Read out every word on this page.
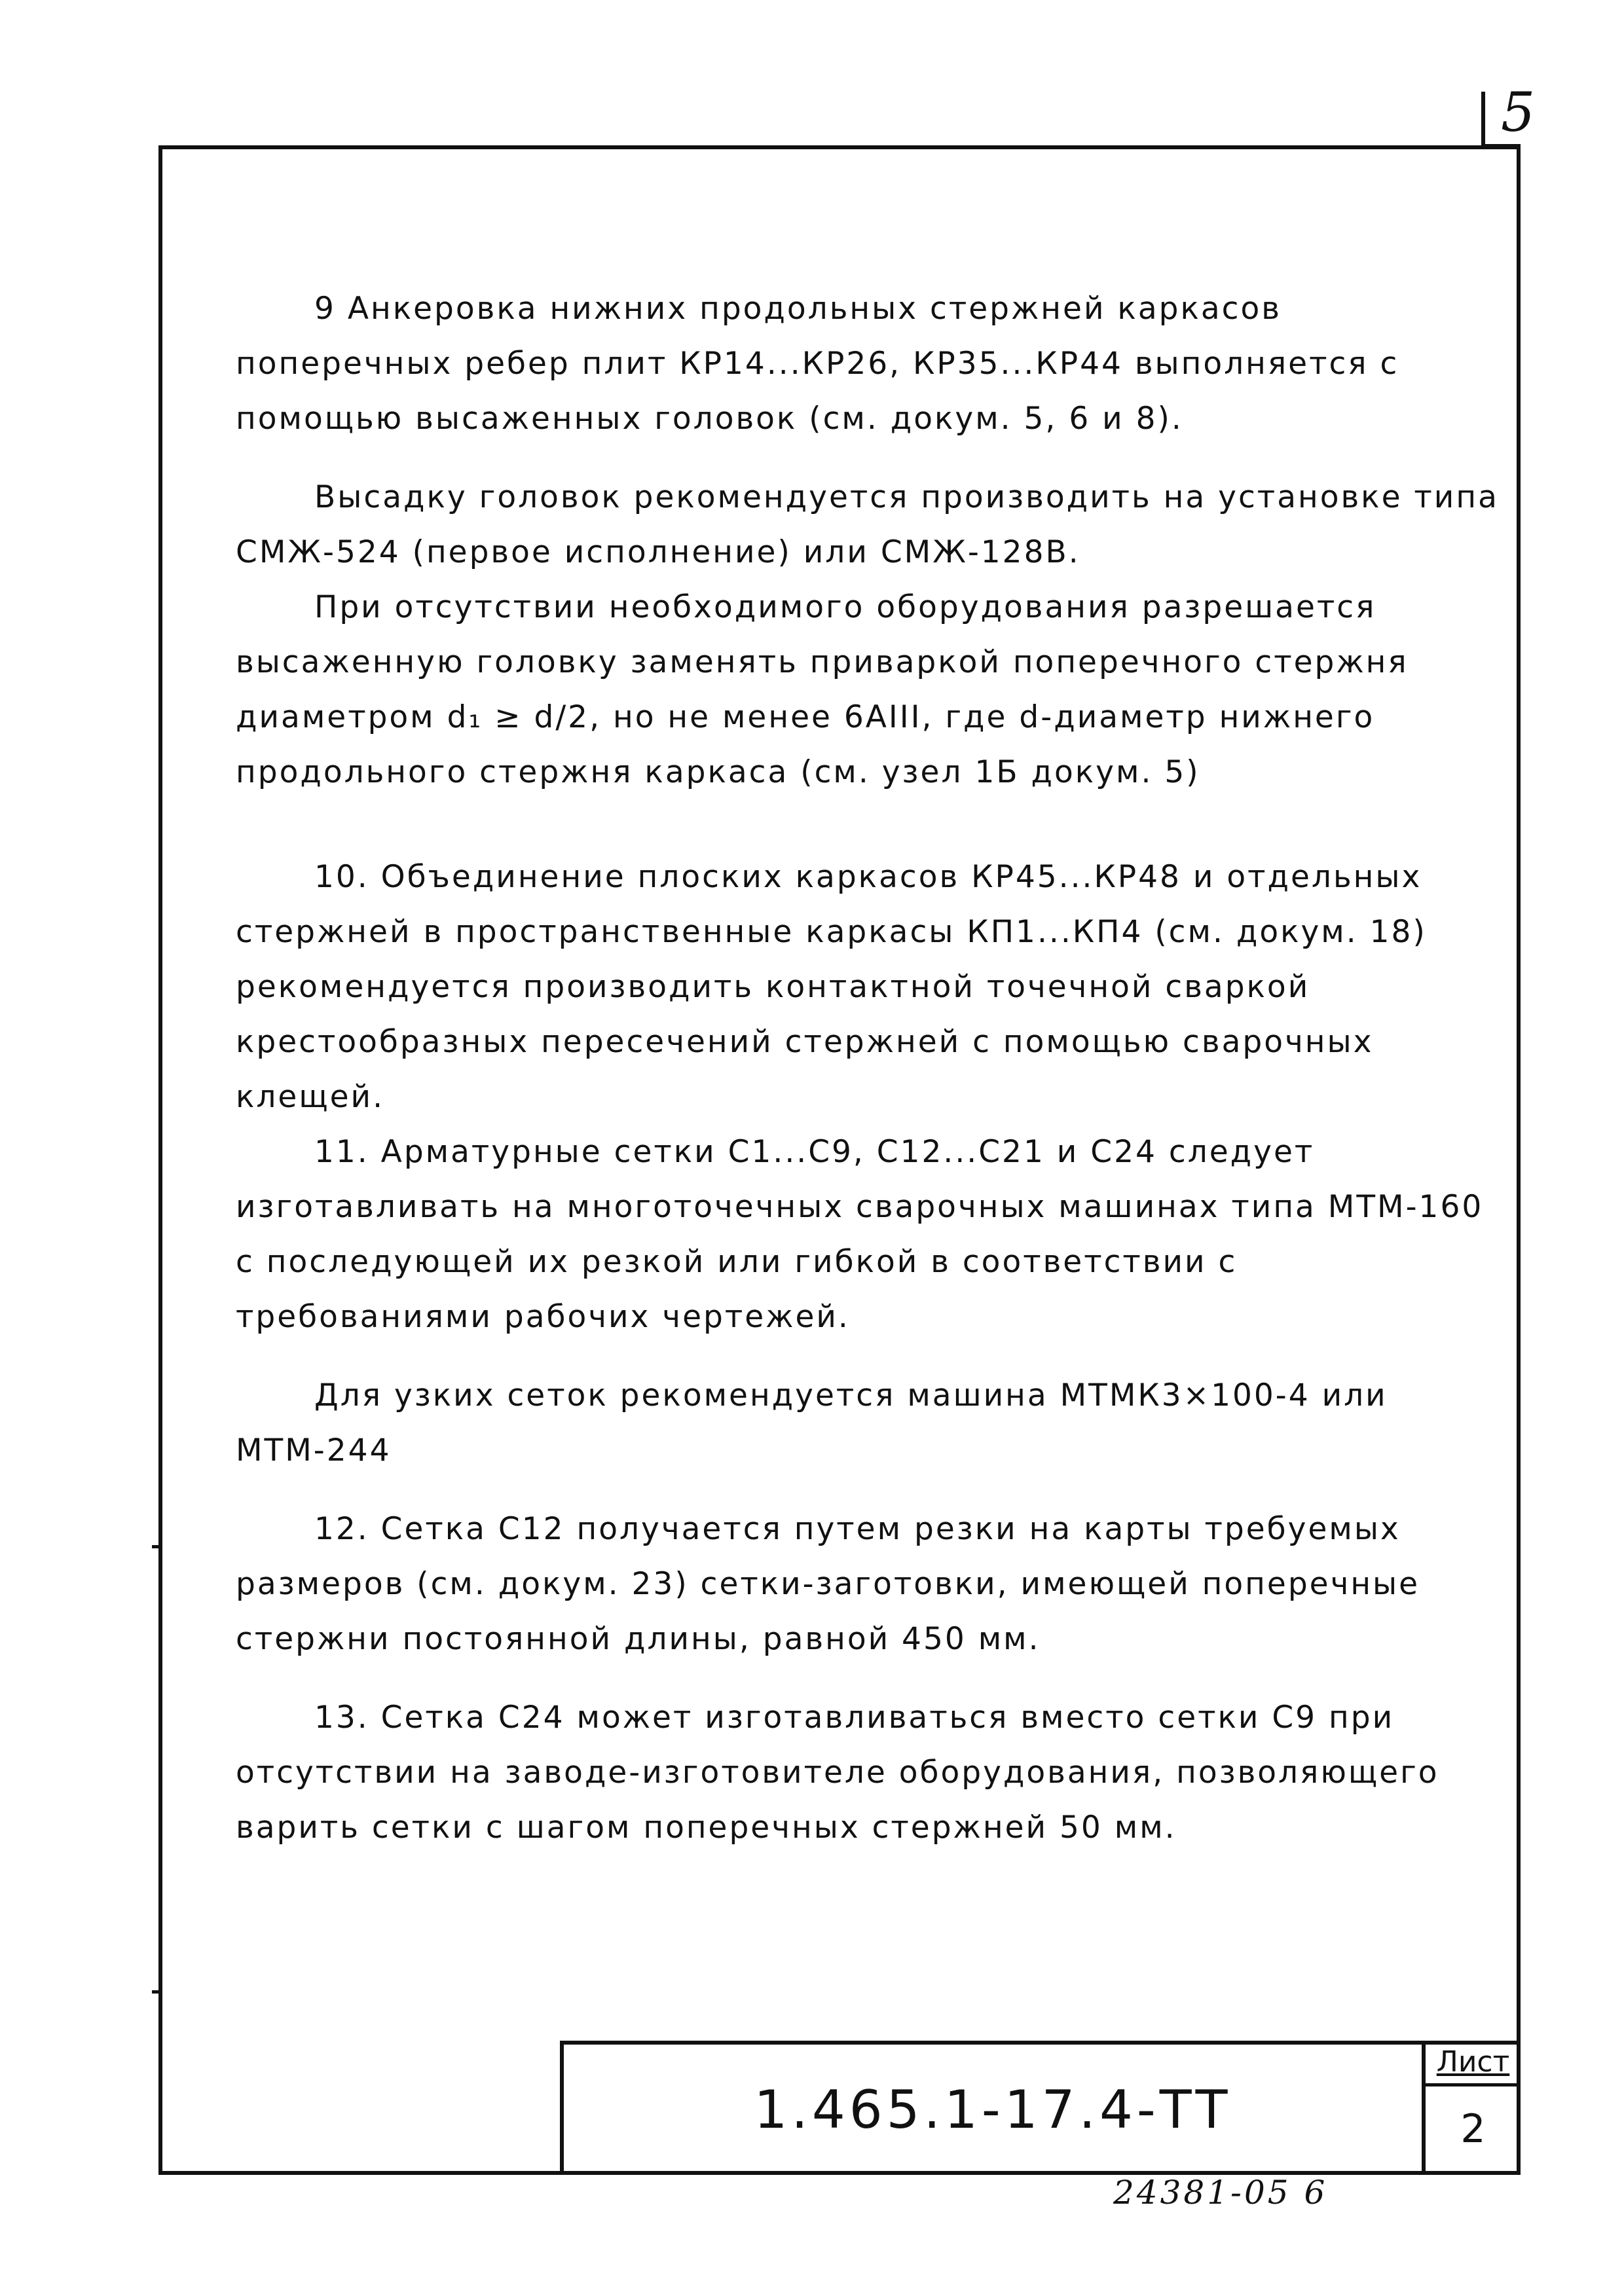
5

9 Анкеровка нижних продольных стержней каркасов поперечных ребер плит КР14...КР26, КР35...КР44 выполняется с помощью высаженных головок (см. докум. 5, 6 и 8).

Высадку головок рекомендуется производить на установке типа СМЖ-524 (первое исполнение) или СМЖ-128В.

При отсутствии необходимого оборудования разрешается высаженную головку заменять приваркой поперечного стержня диаметром d₁ ≥ d/2, но не менее 6АIII, где d-диаметр нижнего продольного стержня каркаса (см. узел 1Б докум. 5)

10. Объединение плоских каркасов КР45...КР48 и отдельных стержней в пространственные каркасы КП1...КП4 (см. докум. 18) рекомендуется производить контактной точечной сваркой крестообразных пересечений стержней с помощью сварочных клещей.

11. Арматурные сетки С1...С9, С12...С21 и С24 следует изготавливать на многоточечных сварочных машинах типа МТМ-160 с последующей их резкой или гибкой в соответствии с требованиями рабочих чертежей.

Для узких сеток рекомендуется машина МТМК3×100-4 или МТМ-244

12. Сетка С12 получается путем резки на карты требуемых размеров (см. докум. 23) сетки-заготовки, имеющей поперечные стержни постоянной длины, равной 450 мм.

13. Сетка С24 может изготавливаться вместо сетки С9 при отсутствии на заводе-изготовителе оборудования, позволяющего варить сетки с шагом поперечных стержней 50 мм.

1.465.1-17.4-ТТ
Лист
2
24381-05 6
